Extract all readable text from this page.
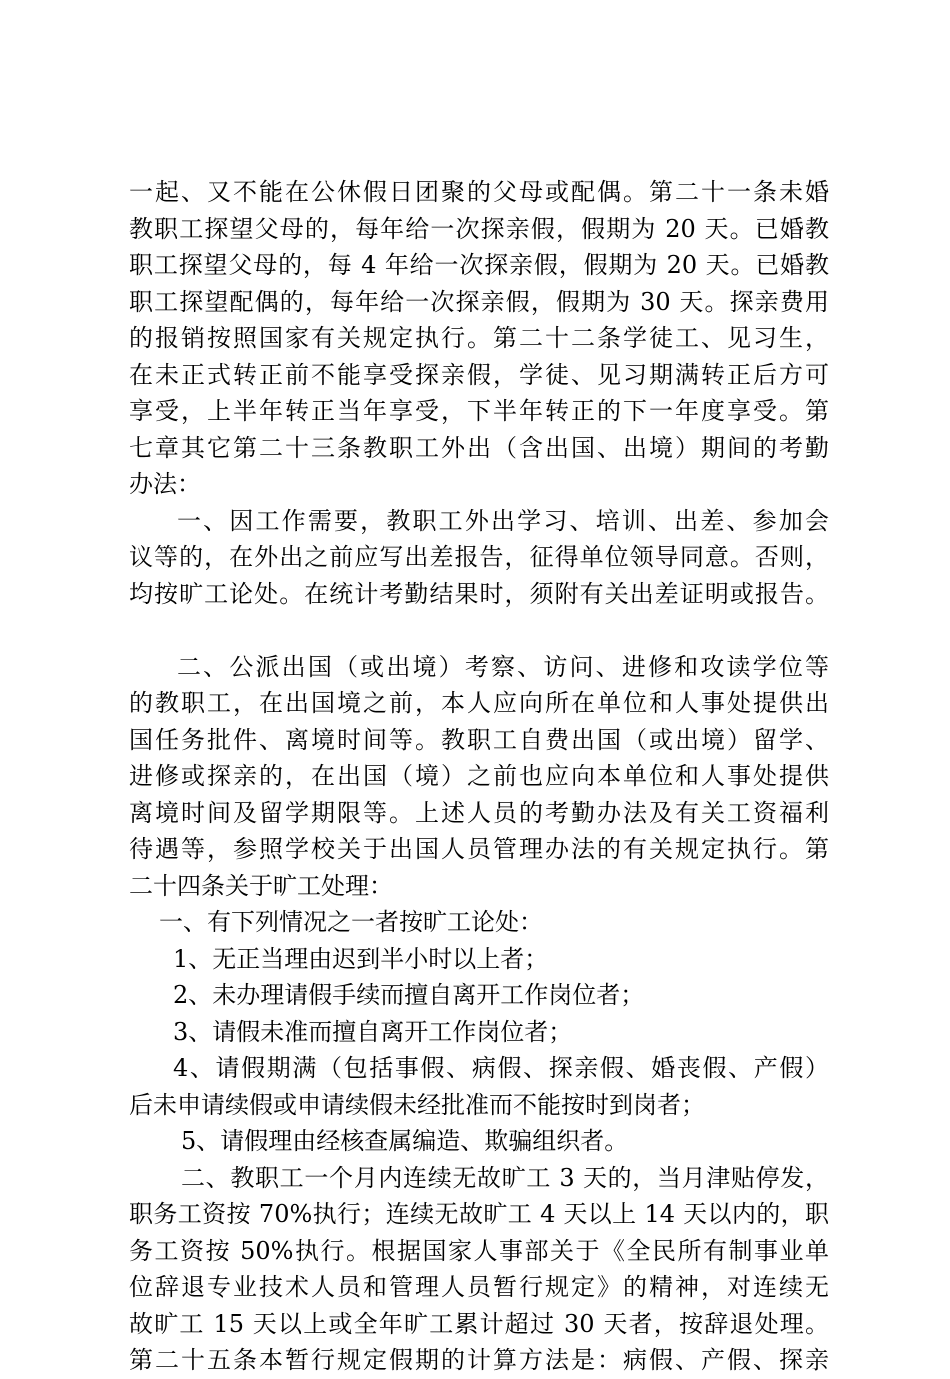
一起、又不能在公休假日团聚的父母或配偶。第二十一条未婚
教职工探望父母的，每年给一次探亲假，假期为 20 天。已婚教
职工探望父母的，每 4 年给一次探亲假，假期为 20 天。已婚教
职工探望配偶的，每年给一次探亲假，假期为 30 天。探亲费用
的报销按照国家有关规定执行。第二十二条学徒工、见习生，
在未正式转正前不能享受探亲假，学徒、见习期满转正后方可
享受，上半年转正当年享受，下半年转正的下一年度享受。第
七章其它第二十三条教职工外出（含出国、出境）期间的考勤
办法：
一、因工作需要，教职工外出学习、培训、出差、参加会
议等的，在外出之前应写出差报告，征得单位领导同意。否则，
均按旷工论处。在统计考勤结果时，须附有关出差证明或报告。
二、公派出国（或出境）考察、访问、进修和攻读学位等
的教职工，在出国境之前，本人应向所在单位和人事处提供出
国任务批件、离境时间等。教职工自费出国（或出境）留学、
进修或探亲的，在出国（境）之前也应向本单位和人事处提供
离境时间及留学期限等。上述人员的考勤办法及有关工资福利
待遇等，参照学校关于出国人员管理办法的有关规定执行。第
二十四条关于旷工处理：
一、有下列情况之一者按旷工论处：
1、无正当理由迟到半小时以上者；
2、未办理请假手续而擅自离开工作岗位者；
3、请假未准而擅自离开工作岗位者；
4、请假期满（包括事假、病假、探亲假、婚丧假、产假）
后未申请续假或申请续假未经批准而不能按时到岗者；
5、请假理由经核查属编造、欺骗组织者。
二、教职工一个月内连续无故旷工 3 天的，当月津贴停发，
职务工资按 70%执行；连续无故旷工 4 天以上 14 天以内的，职
务工资按 50%执行。根据国家人事部关于《全民所有制事业单
位辞退专业技术人员和管理人员暂行规定》的精神，对连续无
故旷工 15 天以上或全年旷工累计超过 30 天者，按辞退处理。
第二十五条本暂行规定假期的计算方法是：病假、产假、探亲
